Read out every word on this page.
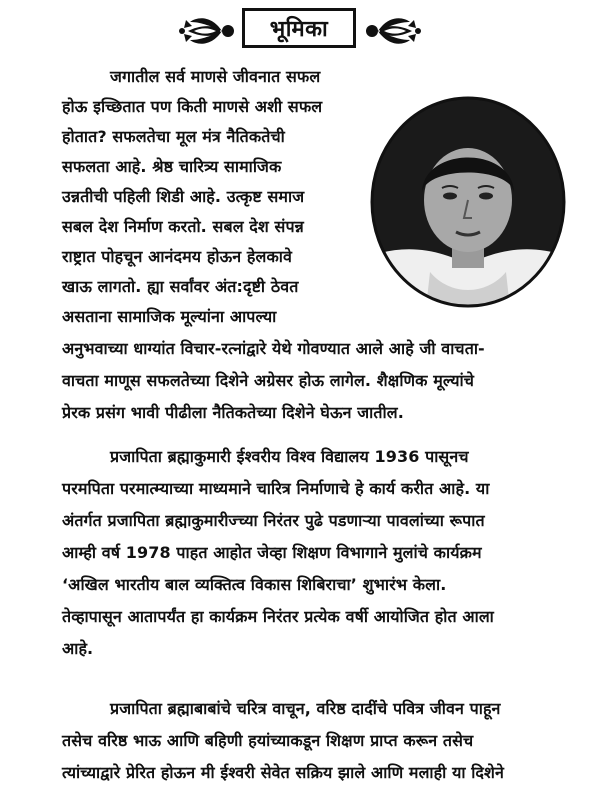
भूमिका
जगातील सर्व माणसे जीवनात सफल
होऊ इच्छितात पण किती माणसे अशी सफल
होतात? सफलतेचा मूल मंत्र नैतिकतेची
सफलता आहे. श्रेष्ठ चारित्र्य सामाजिक
उन्नतीची पहिली शिडी आहे. उत्कृष्ट समाज
सबल देश निर्माण करतो. सबल देश संपन्न
राष्ट्रात पोहचून आनंदमय होऊन हेलकावे
खाऊ लागतो. ह्या सर्वांवर अंत:दृष्टी ठेवत
असताना सामाजिक मूल्यांना आपल्या
अनुभवाच्या धाग्यांत विचार-रत्नांद्वारे येथे गोवण्यात आले आहे जी वाचता-
वाचता माणूस सफलतेच्या दिशेने अग्रेसर होऊ लागेल. शैक्षणिक मूल्यांचे
प्रेरक प्रसंग भावी पीढीला नैतिकतेच्या दिशेने घेऊन जातील.
प्रजापिता ब्रह्माकुमारी ईश्वरीय विश्व विद्यालय 1936 पासूनच
परमपिता परमात्म्याच्या माध्यमाने चारित्र निर्माणाचे हे कार्य करीत आहे. या
अंतर्गत प्रजापिता ब्रह्माकुमारीज्च्या निरंतर पुढे पडणाऱ्या पावलांच्या रूपात
आम्ही वर्ष 1978 पाहत आहोत जेव्हा शिक्षण विभागाने मुलांचे कार्यक्रम
‘अखिल भारतीय बाल व्यक्तित्व विकास शिबिराचा’ शुभारंभ केला.
तेव्हापासून आतापर्यंत हा कार्यक्रम निरंतर प्रत्येक वर्षी आयोजित होत आला
आहे.
प्रजापिता ब्रह्माबाबांचे चरित्र वाचून, वरिष्ठ दादींचे पवित्र जीवन पाहून
तसेच वरिष्ठ भाऊ आणि बहिणी हयांच्याकडून शिक्षण प्राप्त करून तसेच
त्यांच्याद्वारे प्रेरित होऊन मी ईश्वरी सेवेत सक्रिय झाले आणि मलाही या दिशेने
